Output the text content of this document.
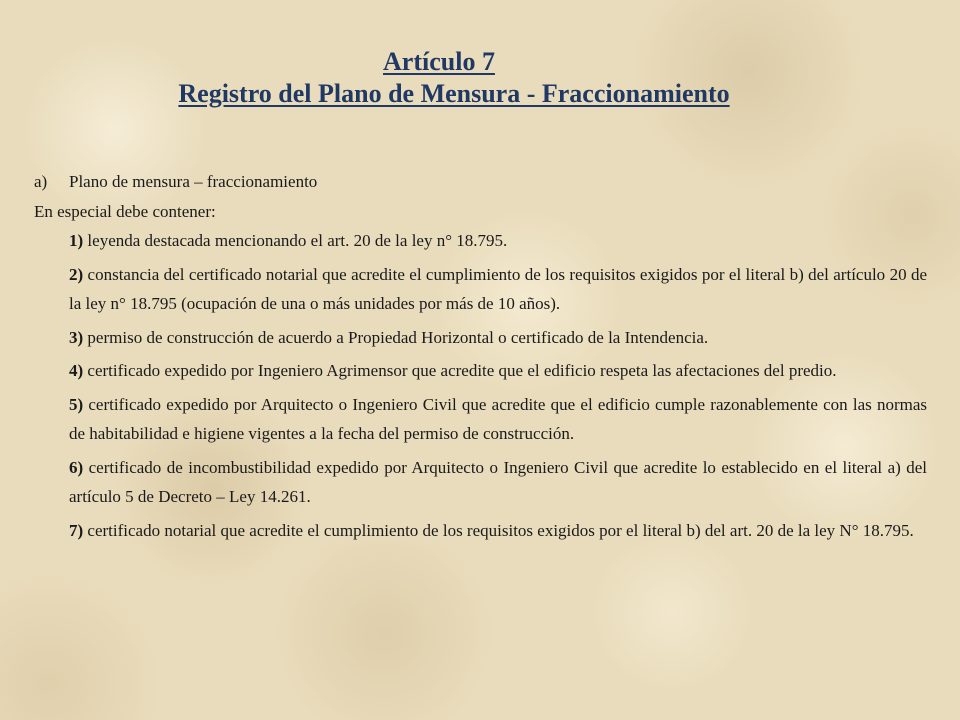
Artículo 7
Registro del Plano de Mensura - Fraccionamiento
a)	Plano de mensura – fraccionamiento

En especial debe contener:

1) leyenda destacada mencionando el art. 20 de la ley n° 18.795.

2) constancia del certificado notarial que acredite el cumplimiento de los requisitos exigidos por el literal b) del artículo 20 de la ley n° 18.795 (ocupación de una o más unidades por más de 10 años).

3) permiso de construcción de acuerdo a Propiedad Horizontal o certificado de la Intendencia.

4) certificado expedido por Ingeniero Agrimensor que acredite que el edificio respeta las afectaciones del predio.

5) certificado expedido por Arquitecto o Ingeniero Civil que acredite que el edificio cumple razonablemente con las normas de habitabilidad e higiene vigentes a la fecha del permiso de construcción.

6) certificado de incombustibilidad expedido por Arquitecto o Ingeniero Civil que acredite lo establecido en el literal a) del artículo 5 de Decreto – Ley 14.261.

7) certificado notarial que acredite el cumplimiento de los requisitos exigidos por el literal b) del art. 20 de la ley N° 18.795.
